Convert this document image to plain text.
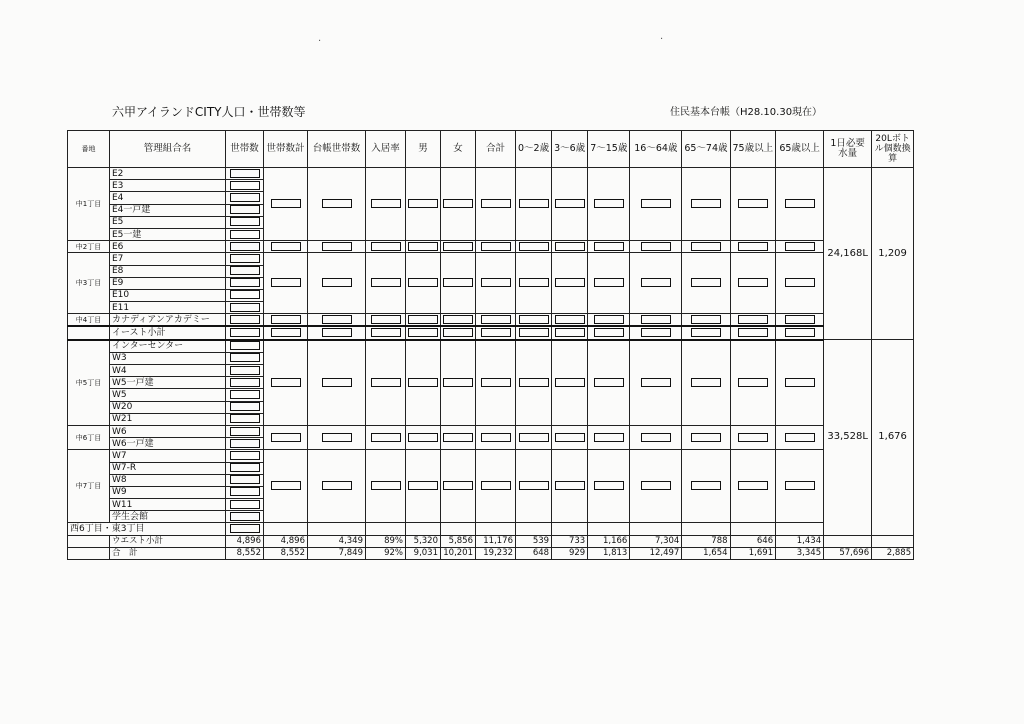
六甲アイランドCITY人口・世帯数等	住民基本台帳（H28.10.30現在）
·	·
番地	管理組合名	世帯数	世帯数計	台帳世帯数	入居率	男	女	合計	0～2歳	3～6歳	7～15歳	16～64歳	65～74歳	75歳以上	65歳以上	1日必要水量	20Lボトル個数換算
中1丁目	E2															24,168L	1,209
	E3																
	E4																
	E4一戸建																
	E5																
	E5一建																
中2丁目	E6																
中3丁目	E7																
	E8																
	E9																
	E10																
	E11																
中4丁目	カナディアンアカデミー																
	イースト小計																
中5丁目	インターセンター															33,528L	1,676
	W3																
	W4																
	W5一戸建																
	W5																
	W20																
	W21																
中6丁目	W6																
	W6一戸建																
中7丁目	W7																
	W7-R																
	W8																
	W9																
	W11																
	学生会館																
西6丁目・東3丁目																	
	ウエスト小計	4,896	4,896	4,349	89%	5,320	5,856	11,176	539	733	1,166	7,304	788	646	1,434		
	合　計	8,552	8,552	7,849	92%	9,031	10,201	19,232	648	929	1,813	12,497	1,654	1,691	3,345	57,696	2,885
